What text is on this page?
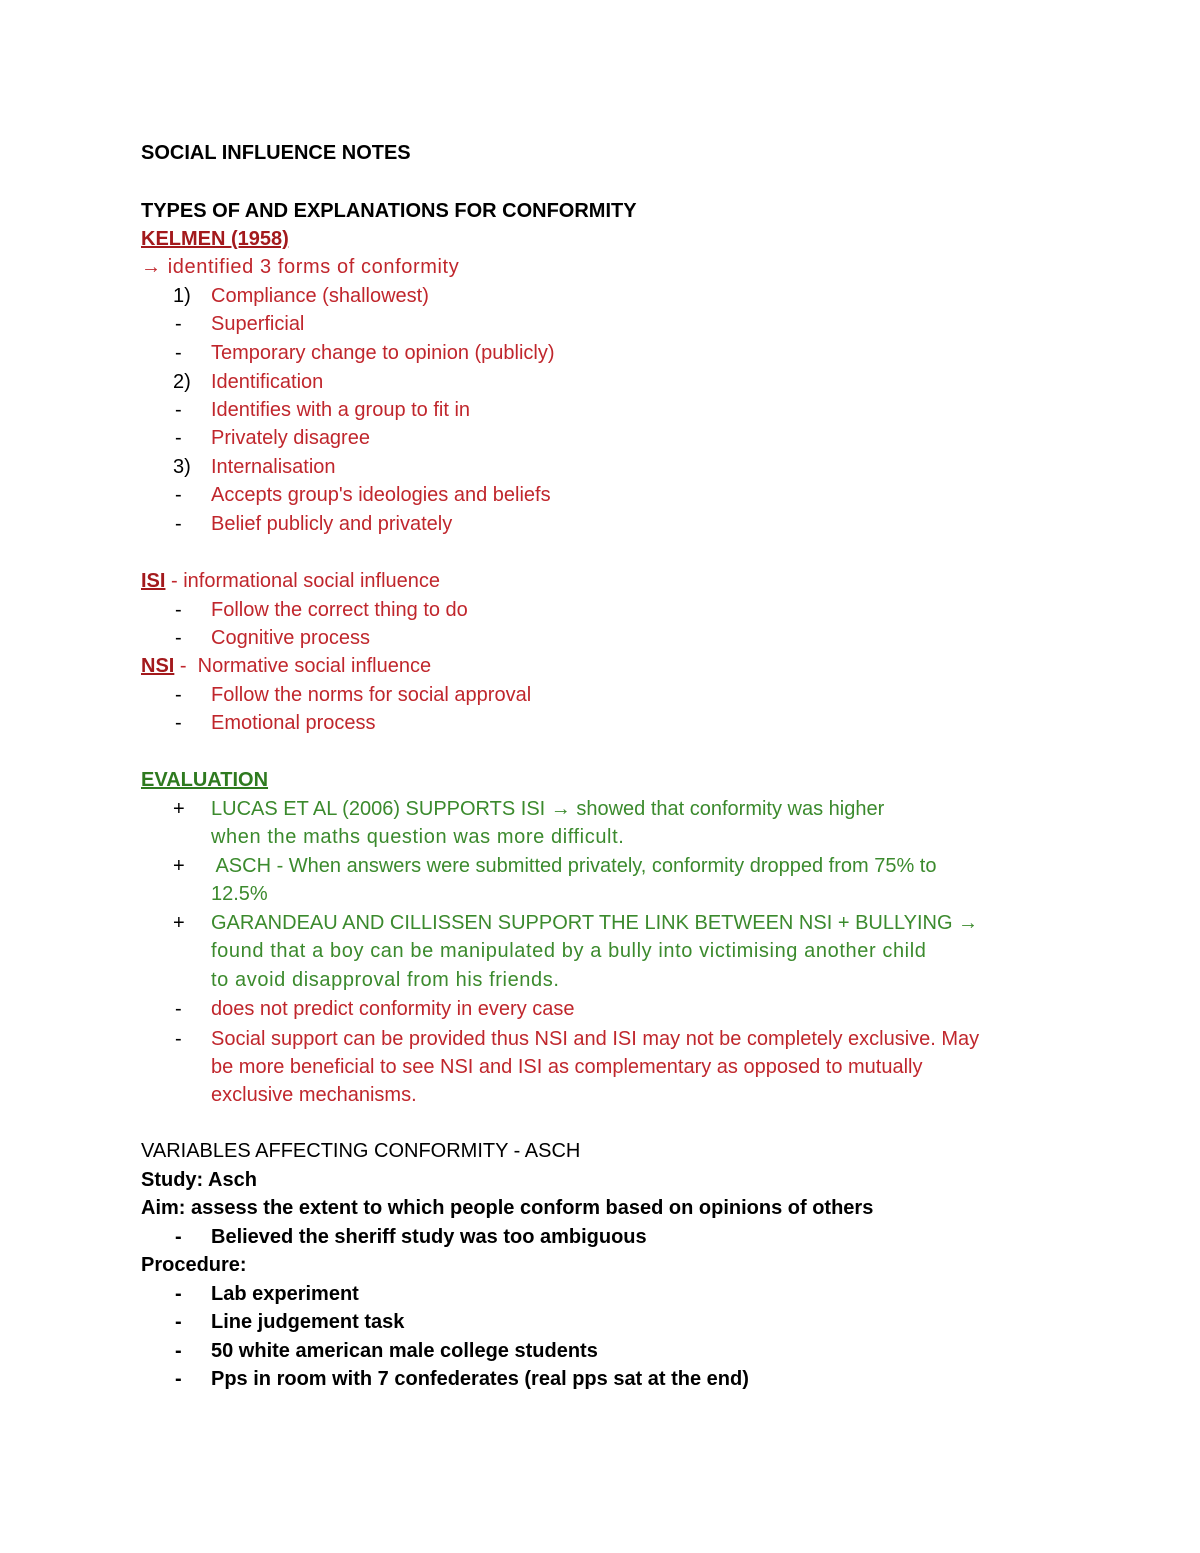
SOCIAL INFLUENCE NOTES
TYPES OF AND EXPLANATIONS FOR CONFORMITY
KELMEN (1958)
→ identified 3 forms of conformity
1) Compliance (shallowest)
- Superficial
- Temporary change to opinion (publicly)
2) Identification
- Identifies with a group to fit in
- Privately disagree
3) Internalisation
- Accepts group's ideologies and beliefs
- Belief publicly and privately
ISI - informational social influence
- Follow the correct thing to do
- Cognitive process
NSI -  Normative social influence
- Follow the norms for social approval
- Emotional process
EVALUATION
+ LUCAS ET AL (2006) SUPPORTS ISI → showed that conformity was higher
when the maths question was more difficult.
+ ASCH - When answers were submitted privately, conformity dropped from 75% to
12.5%
+ GARANDEAU AND CILLISSEN SUPPORT THE LINK BETWEEN NSI + BULLYING →
found that a boy can be manipulated by a bully into victimising another child
to avoid disapproval from his friends.
- does not predict conformity in every case
- Social support can be provided thus NSI and ISI may not be completely exclusive. May
be more beneficial to see NSI and ISI as complementary as opposed to mutually
exclusive mechanisms.
VARIABLES AFFECTING CONFORMITY - ASCH
Study: Asch
Aim: assess the extent to which people conform based on opinions of others
- Believed the sheriff study was too ambiguous
Procedure:
- Lab experiment
- Line judgement task
- 50 white american male college students
- Pps in room with 7 confederates (real pps sat at the end)
